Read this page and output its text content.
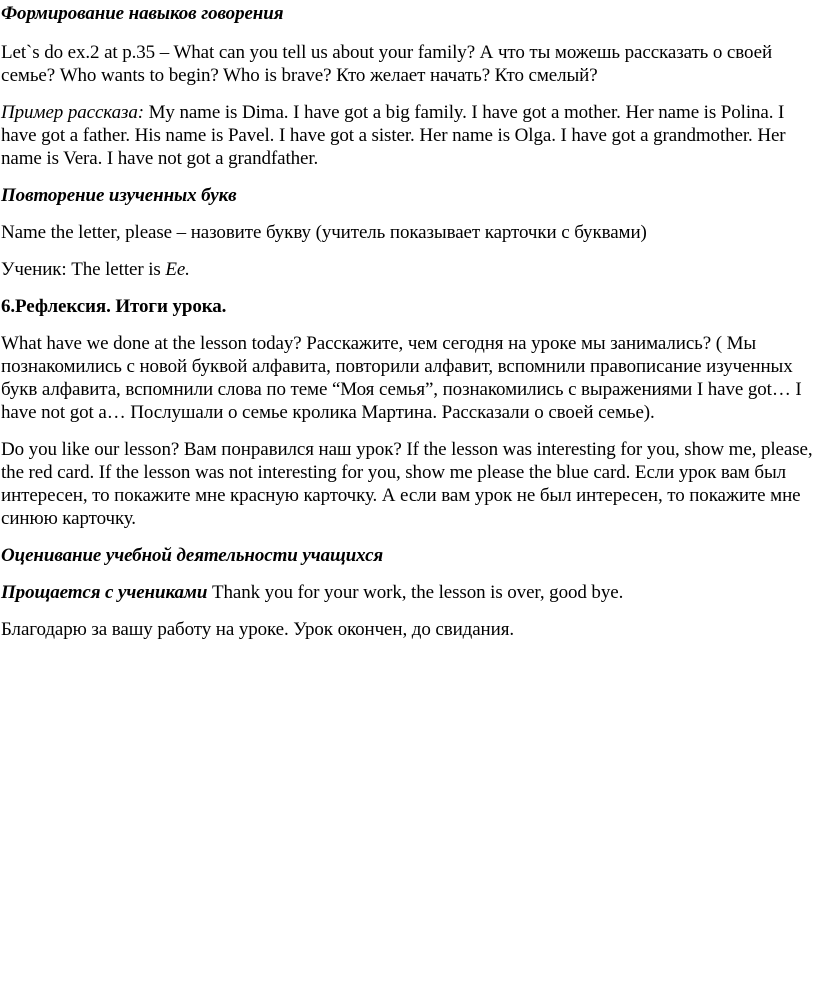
Формирование навыков говорения

Let`s do ex.2 at p.35 – What can you tell us about your family? А что ты можешь рассказать о своей семье? Who wants to begin? Who is brave? Кто желает начать? Кто смелый?

Пример рассказа: My name is Dima. I have got a big family. I have got a mother. Her name is Polina. I have got a father. His name is Pavel. I have got a sister. Her name is Olga. I have got a grandmother. Her name is Vera. I have not got a grandfather.

Повторение изученных букв

Name the letter, please – назовите букву (учитель показывает карточки с буквами)

Ученик: The letter is Ee.

6.Рефлексия. Итоги урока.

What have we done at the lesson today? Расскажите, чем сегодня на уроке мы занимались? ( Мы познакомились с новой буквой алфавита, повторили алфавит, вспомнили правописание изученных букв алфавита, вспомнили слова по теме “Моя семья”, познакомились с выражениями I have got… I have not got a… Послушали о семье кролика Мартина. Рассказали о своей семье).

Do you like our lesson? Вам понравился наш урок? If the lesson was interesting for you, show me, please, the red card. If the lesson was not interesting for you, show me please the blue card. Если урок вам был интересен, то покажите мне красную карточку. А если вам урок не был интересен, то покажите мне синюю карточку.

Оценивание учебной деятельности учащихся

Прощается с учениками Thank you for your work, the lesson is over, good bye.

Благодарю за вашу работу на уроке. Урок окончен, до свидания.
